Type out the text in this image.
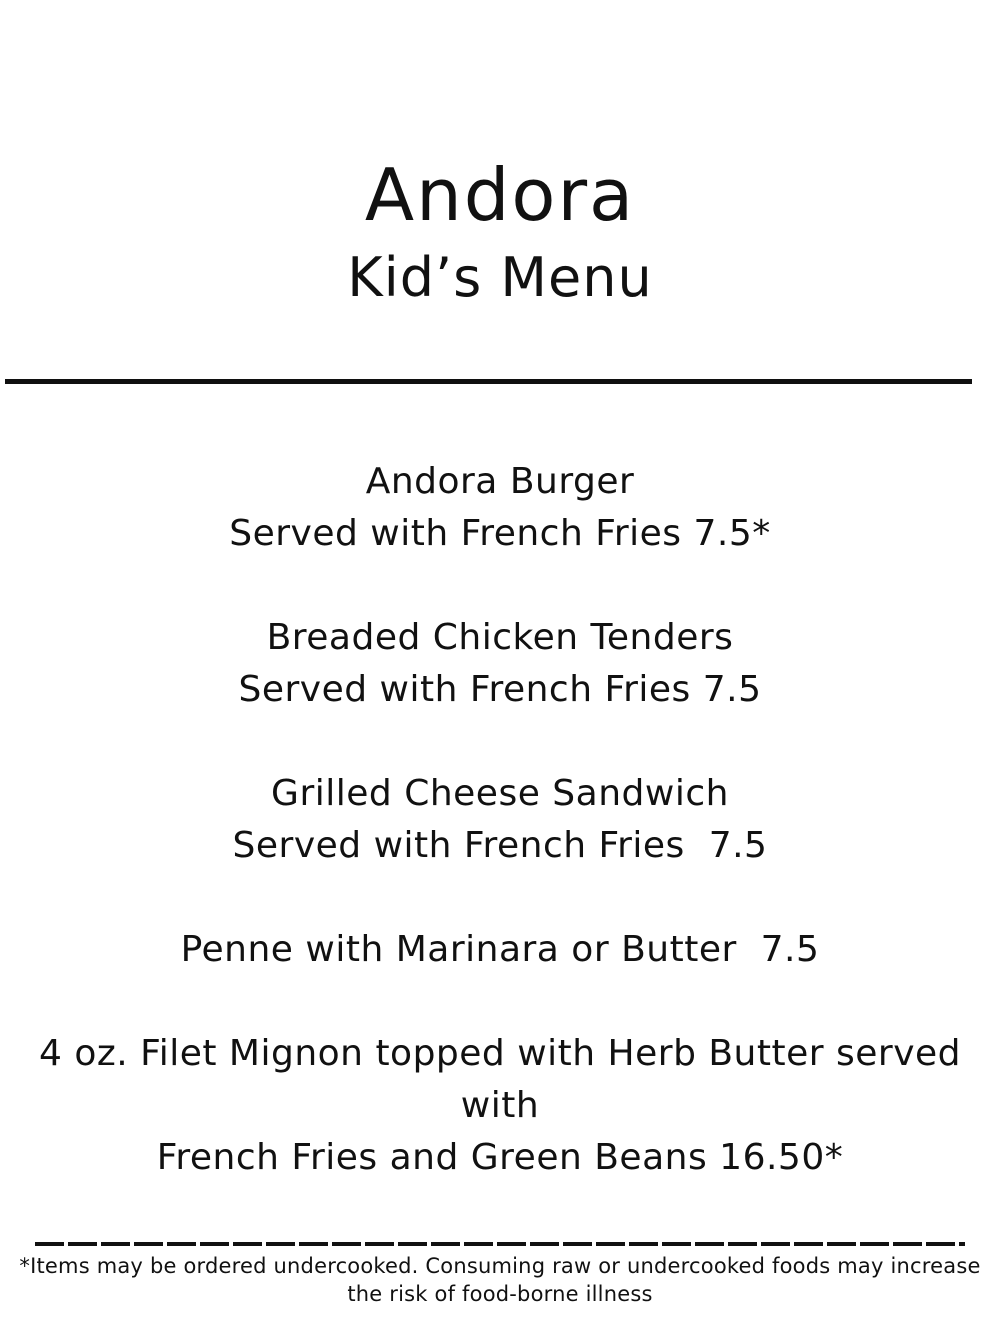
Andora
Kid’s Menu

Andora Burger

Served with French Fries 7.5*

Breaded Chicken Tenders

Served with French Fries 7.5

Grilled Cheese Sandwich

Served with French Fries  7.5

Penne with Marinara or Butter  7.5

4 oz. Filet Mignon topped with Herb Butter served with

French Fries and Green Beans 16.50*

*Items may be ordered undercooked. Consuming raw or undercooked foods may increase the risk of food-borne illness
